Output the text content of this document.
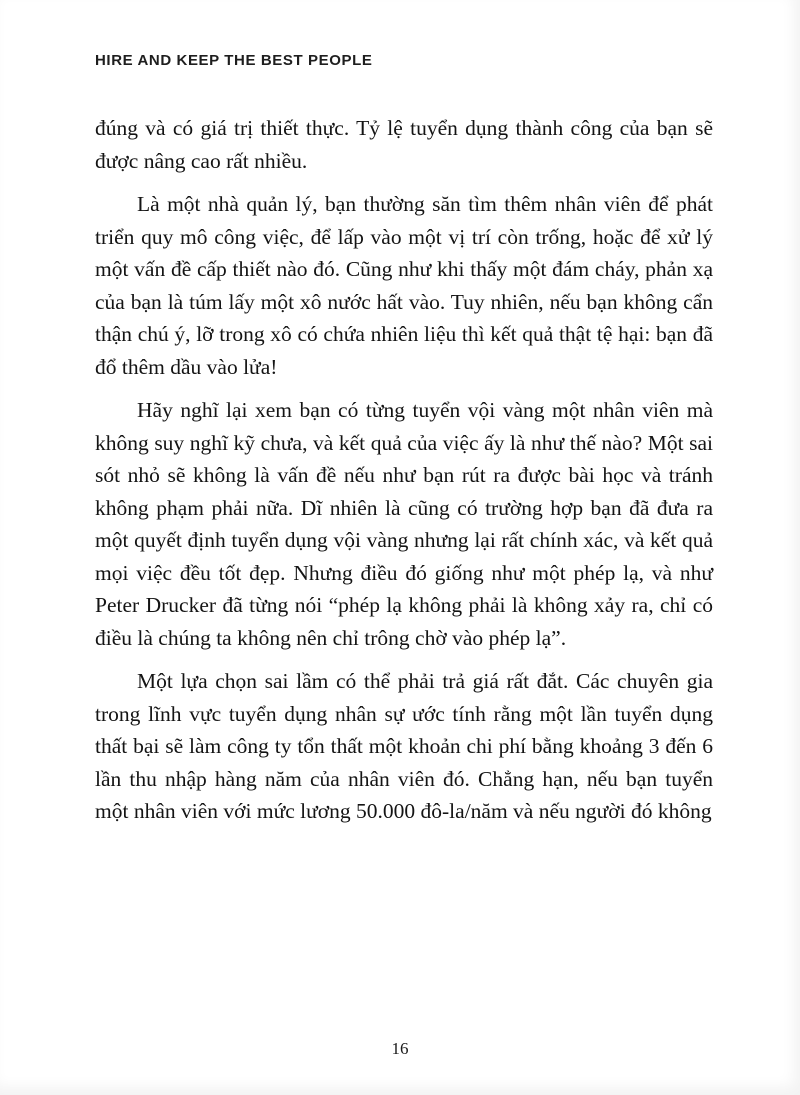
HIRE AND KEEP THE BEST PEOPLE

đúng và có giá trị thiết thực. Tỷ lệ tuyển dụng thành công của bạn sẽ được nâng cao rất nhiều.

Là một nhà quản lý, bạn thường săn tìm thêm nhân viên để phát triển quy mô công việc, để lấp vào một vị trí còn trống, hoặc để xử lý một vấn đề cấp thiết nào đó. Cũng như khi thấy một đám cháy, phản xạ của bạn là túm lấy một xô nước hất vào. Tuy nhiên, nếu bạn không cẩn thận chú ý, lỡ trong xô có chứa nhiên liệu thì kết quả thật tệ hại: bạn đã đổ thêm dầu vào lửa!

Hãy nghĩ lại xem bạn có từng tuyển vội vàng một nhân viên mà không suy nghĩ kỹ chưa, và kết quả của việc ấy là như thế nào? Một sai sót nhỏ sẽ không là vấn đề nếu như bạn rút ra được bài học và tránh không phạm phải nữa. Dĩ nhiên là cũng có trường hợp bạn đã đưa ra một quyết định tuyển dụng vội vàng nhưng lại rất chính xác, và kết quả mọi việc đều tốt đẹp. Nhưng điều đó giống như một phép lạ, và như Peter Drucker đã từng nói “phép lạ không phải là không xảy ra, chỉ có điều là chúng ta không nên chỉ trông chờ vào phép lạ”.

Một lựa chọn sai lầm có thể phải trả giá rất đắt. Các chuyên gia trong lĩnh vực tuyển dụng nhân sự ước tính rằng một lần tuyển dụng thất bại sẽ làm công ty tổn thất một khoản chi phí bằng khoảng 3 đến 6 lần thu nhập hàng năm của nhân viên đó. Chẳng hạn, nếu bạn tuyển một nhân viên với mức lương 50.000 đô-la/năm và nếu người đó không

16
